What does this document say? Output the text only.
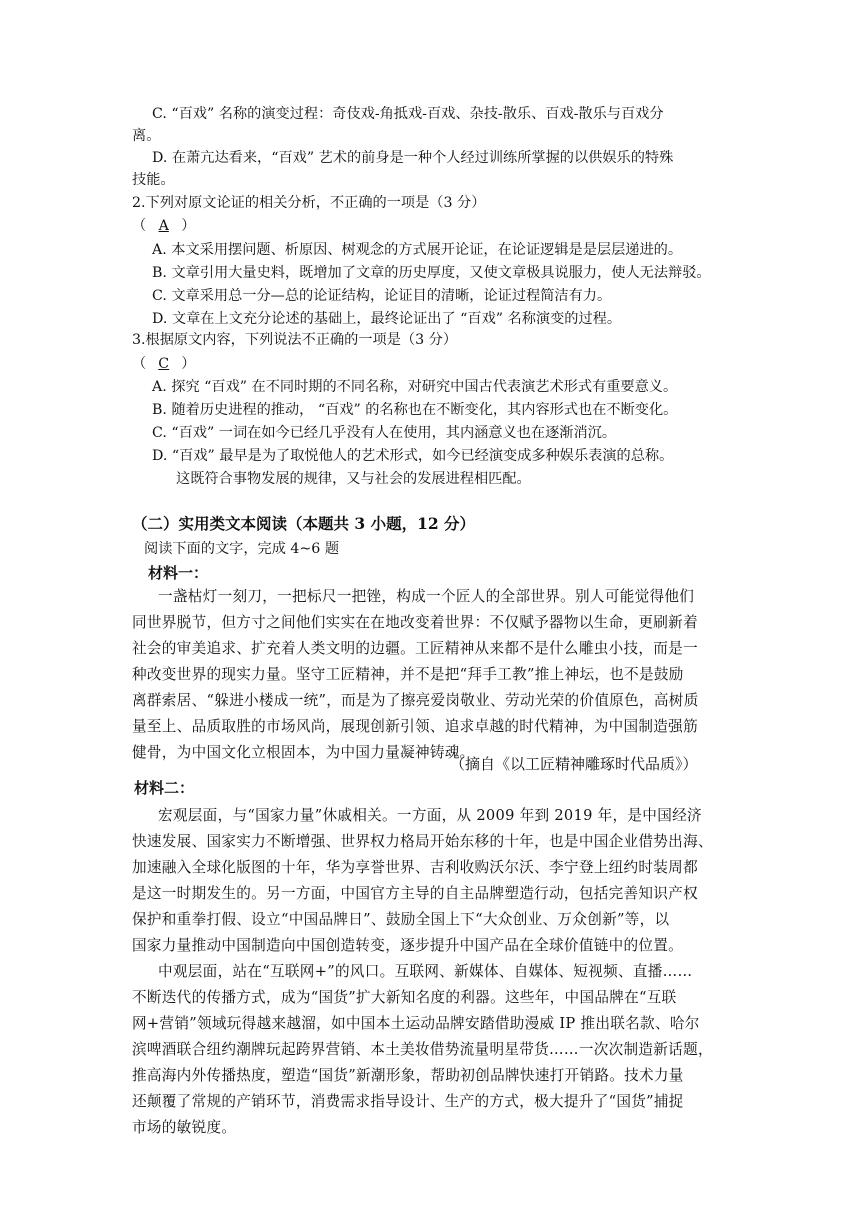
C. “百戏” 名称的演变过程：奇伎戏-角抵戏-百戏、杂技-散乐、百戏-散乐与百戏分
离。
D. 在萧亢达看来，“百戏” 艺术的前身是一种个人经过训练所掌握的以供娱乐的特殊
技能。
2.下列对原文论证的相关分析，不正确的一项是（3 分）
（ A ）
A. 本文采用摆问题、析原因、树观念的方式展开论证，在论证逻辑是是层层递进的。
B. 文章引用大量史料，既增加了文章的历史厚度，又使文章极具说服力，使人无法辩驳。
C. 文章采用总一分—总的论证结构，论证目的清晰，论证过程简洁有力。
D. 文章在上文充分论述的基础上，最终论证出了 “百戏” 名称演变的过程。
3.根据原文内容，下列说法不正确的一项是（3 分）
（ C ）
A. 探究 “百戏” 在不同时期的不同名称，对研究中国古代表演艺术形式有重要意义。
B. 随着历史进程的推动， “百戏” 的名称也在不断变化，其内容形式也在不断变化。
C. “百戏” 一词在如今已经几乎没有人在使用，其内涵意义也在逐渐消沉。
D. “百戏” 最早是为了取悦他人的艺术形式，如今已经演变成多种娱乐表演的总称。
这既符合事物发展的规律，又与社会的发展进程相匹配。
（二）实用类文本阅读（本题共 3 小题，12 分）
阅读下面的文字，完成 4~6 题
材料一：
一盏枯灯一刻刀，一把标尺一把锉，构成一个匠人的全部世界。别人可能觉得他们
同世界脱节，但方寸之间他们实实在在地改变着世界：不仅赋予器物以生命，更刷新着
社会的审美追求、扩充着人类文明的边疆。工匠精神从来都不是什么雕虫小技，而是一
种改变世界的现实力量。坚守工匠精神，并不是把“拜手工教”推上神坛，也不是鼓励
离群索居、“躲进小楼成一统”，而是为了擦亮爱岗敬业、劳动光荣的价值原色，高树质
量至上、品质取胜的市场风尚，展现创新引领、追求卓越的时代精神，为中国制造强筋
健骨，为中国文化立根固本，为中国力量凝神铸魂。
（摘自《以工匠精神雕琢时代品质》）
材料二：
宏观层面，与“国家力量”休戚相关。一方面，从 2009 年到 2019 年，是中国经济
快速发展、国家实力不断增强、世界权力格局开始东移的十年，也是中国企业借势出海、
加速融入全球化版图的十年，华为享誉世界、吉利收购沃尔沃、李宁登上纽约时装周都
是这一时期发生的。另一方面，中国官方主导的自主品牌塑造行动，包括完善知识产权
保护和重拳打假、设立“中国品牌日”、鼓励全国上下“大众创业、万众创新”等，以
国家力量推动中国制造向中国创造转变，逐步提升中国产品在全球价值链中的位置。
中观层面，站在“互联网+”的风口。互联网、新媒体、自媒体、短视频、直播……
不断迭代的传播方式，成为“国货”扩大新知名度的利器。这些年，中国品牌在“互联
网+营销”领域玩得越来越溜，如中国本土运动品牌安踏借助漫威 IP 推出联名款、哈尔
滨啤酒联合纽约潮牌玩起跨界营销、本土美妆借势流量明星带货……一次次制造新话题，
推高海内外传播热度，塑造“国货”新潮形象，帮助初创品牌快速打开销路。技术力量
还颠覆了常规的产销环节，消费需求指导设计、生产的方式，极大提升了“国货”捕捉
市场的敏锐度。
